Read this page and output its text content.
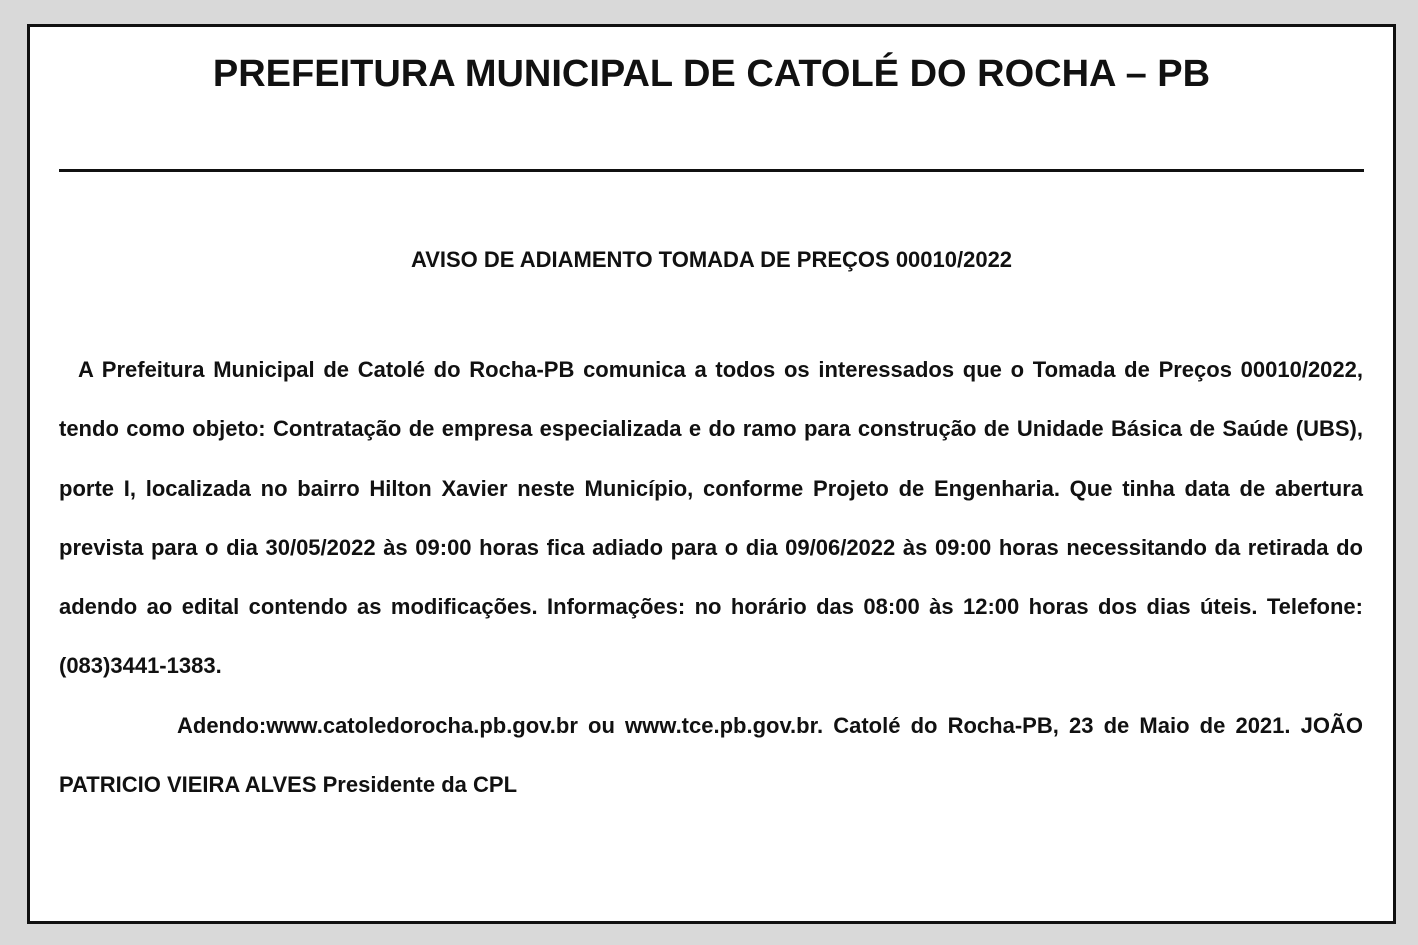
PREFEITURA MUNICIPAL DE CATOLÉ DO ROCHA – PB
AVISO DE ADIAMENTO TOMADA DE PREÇOS 00010/2022

A Prefeitura Municipal de Catolé do Rocha-PB comunica a todos os interessados que o Tomada de Preços 00010/2022, tendo como objeto: Contratação de empresa especializada e do ramo para construção de Unidade Básica de Saúde (UBS), porte I, localizada no bairro Hilton Xavier neste Município, conforme Projeto de Engenharia. Que tinha data de abertura prevista para o dia 30/05/2022 às 09:00 horas fica adiado para o dia 09/06/2022 às 09:00 horas necessitando da retirada do adendo ao edital contendo as modificações. Informações: no horário das 08:00 às 12:00 horas dos dias úteis. Telefone:(083)3441-1383.

Adendo:www.catoledorocha.pb.gov.br ou www.tce.pb.gov.br. Catolé do Rocha-PB, 23 de Maio de 2021. JOÃO PATRICIO VIEIRA ALVES Presidente da CPL
